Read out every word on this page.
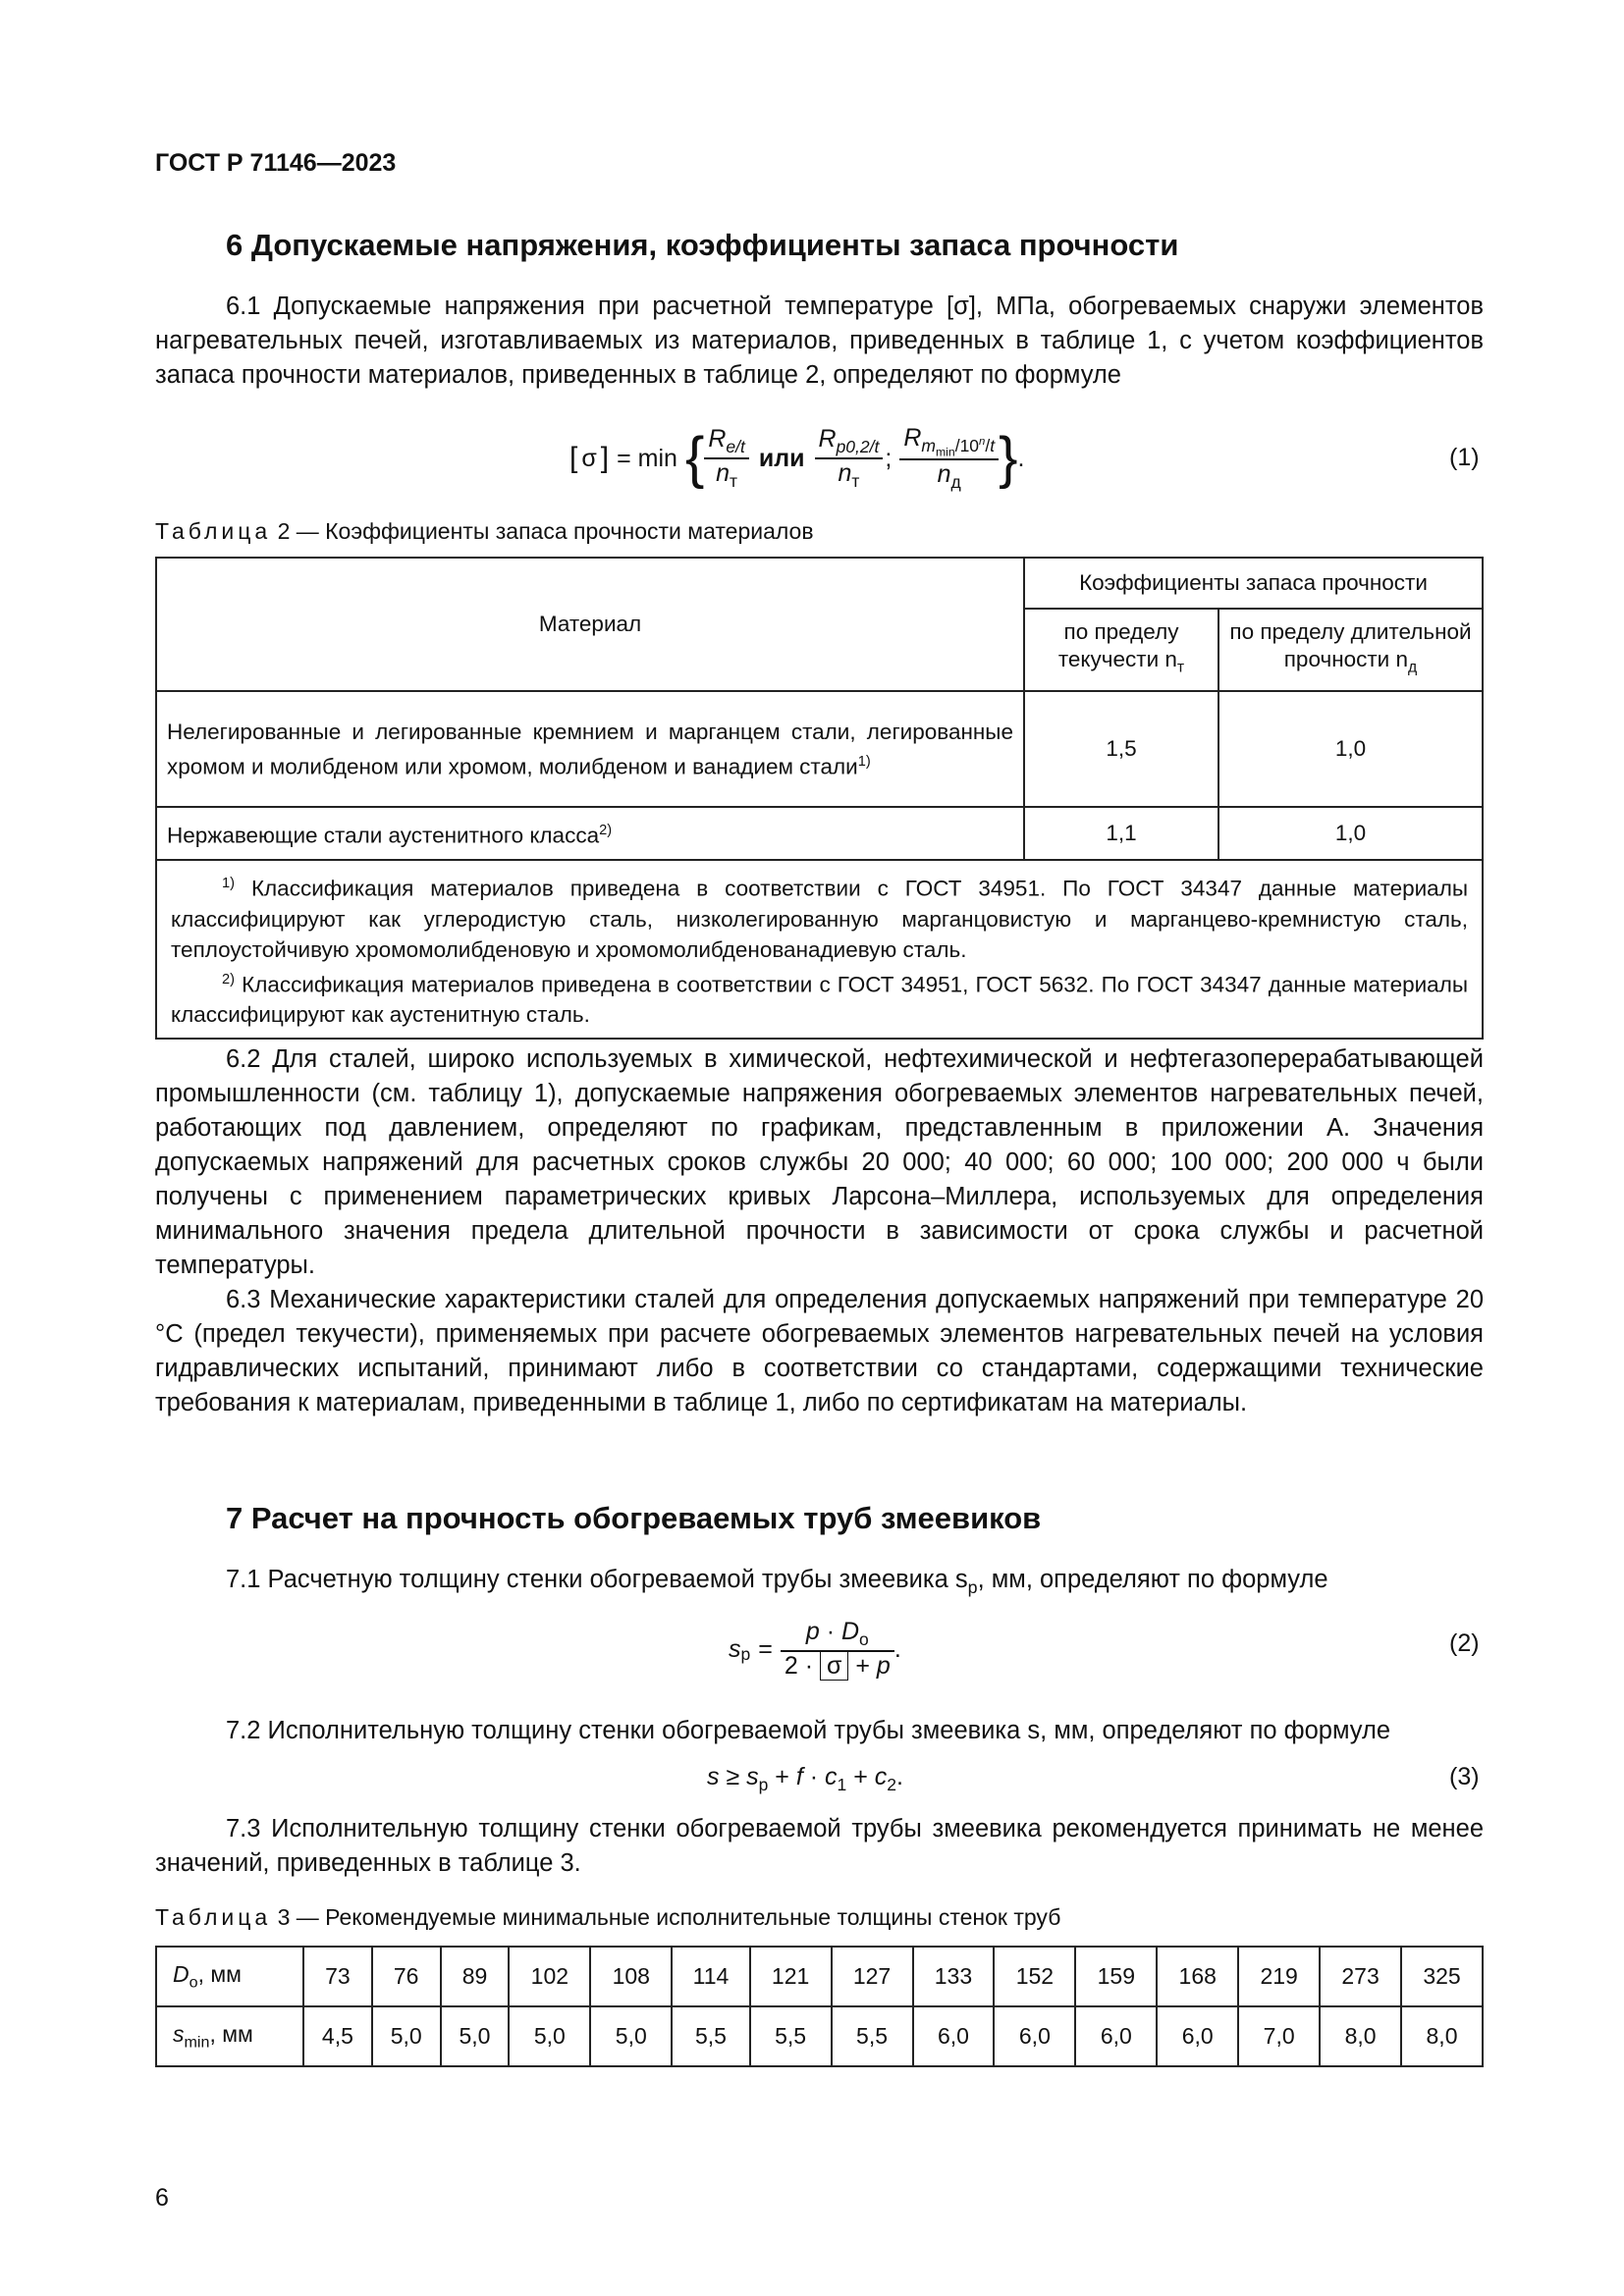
ГОСТ Р 71146—2023
6 Допускаемые напряжения, коэффициенты запаса прочности
6.1 Допускаемые напряжения при расчетной температуре [σ], МПа, обогреваемых снаружи элементов нагревательных печей, изготавливаемых из материалов, приведенных в таблице 1, с учетом коэффициентов запаса прочности материалов, приведенных в таблице 2, определяют по формуле
[ σ ] = min { $\frac{R_{e/t}}{n_т}$ или $\frac{R_{p0,2/t}}{n_т}$ ; $\frac{R_{m_{min}/10^n/t}}{n_д}$ } .	(1)
Таблица 2 — Коэффициенты запаса прочности материалов
Материал	Коэффициенты запаса прочности	
	по пределу текучести $n_т$	по пределу длительной прочности $n_д$
Нелегированные и легированные кремнием и марганцем стали, легированные хромом и молибденом или хромом, молибденом и ванадием стали$^{1)}$	1,5	1,0
Нержавеющие стали аустенитного класса$^{2)}$	1,1	1,0

$^{1)}$ Классификация материалов приведена в соответствии с ГОСТ 34951. По ГОСТ 34347 данные материалы классифицируют как углеродистую сталь, низколегированную марганцовистую и марганцево-кремнистую сталь, теплоустойчивую хромомолибденовую и хромомолибденованадиевую сталь.
$^{2)}$ Классификация материалов приведена в соответствии с ГОСТ 34951, ГОСТ 5632. По ГОСТ 34347 данные материалы классифицируют как аустенитную сталь.		
6.2 Для сталей, широко используемых в химической, нефтехимической и нефтегазоперерабатывающей промышленности (см. таблицу 1), допускаемые напряжения обогреваемых элементов нагревательных печей, работающих под давлением, определяют по графикам, представленным в приложении А. Значения допускаемых напряжений для расчетных сроков службы 20 000; 40 000; 60 000; 100 000; 200 000 ч были получены с применением параметрических кривых Ларсона–Миллера, используемых для определения минимального значения предела длительной прочности в зависимости от срока службы и расчетной температуры.
6.3 Механические характеристики сталей для определения допускаемых напряжений при температуре 20 °С (предел текучести), применяемых при расчете обогреваемых элементов нагревательных печей на условия гидравлических испытаний, принимают либо в соответствии со стандартами, содержащими технические требования к материалам, приведенными в таблице 1, либо по сертификатам на материалы.
7 Расчет на прочность обогреваемых труб змеевиков
7.1 Расчетную толщину стенки обогреваемой трубы змеевика $s_р$, мм, определяют по формуле
$s_р = \frac{p \cdot D_о}{2 \cdot \sigma + p}$ .	(2)
7.2 Исполнительную толщину стенки обогреваемой трубы змеевика s, мм, определяют по формуле
$s \ge s_р + f \cdot c_1 + c_2$.	(3)
7.3 Исполнительную толщину стенки обогреваемой трубы змеевика рекомендуется принимать не менее значений, приведенных в таблице 3.
Таблица 3 — Рекомендуемые минимальные исполнительные толщины стенок труб
$D_о$, мм	73	76	89	102	108	114	121	127	133	152	159	168	219	273	325
$s_{min}$, мм	4,5	5,0	5,0	5,0	5,0	5,5	5,5	5,5	6,0	6,0	6,0	6,0	7,0	8,0	8,0
6
